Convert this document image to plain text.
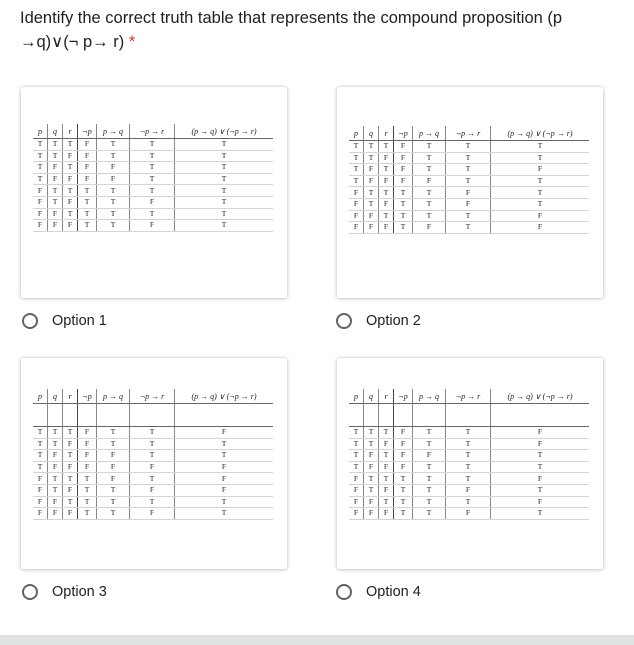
Identify the correct truth table that represents the compound proposition (p →q)∨(¬ p→ r) *
p	q	r	¬p	p → q	¬p → r	(p → q) ∨ (¬p → r)
T	T	T	F	T	T	T
T	T	F	F	T	T	T
T	F	T	F	F	T	T
T	F	F	F	F	T	T
F	T	T	T	T	T	T
F	T	F	T	T	F	T
F	F	T	T	T	T	T
F	F	F	T	T	F	T
p	q	r	¬p	p → q	¬p → r	(p → q) ∨ (¬p → r)
T	T	T	F	T	T	T
T	T	F	F	T	T	T
T	F	T	F	T	T	F
T	F	F	F	F	T	T
F	T	T	T	T	F	T
F	T	F	T	T	F	T
F	F	T	T	T	T	F
F	F	F	T	F	T	F
p	q	r	¬p	p → q	¬p → r	(p → q) ∨ (¬p → r)

T	T	T	F	T	T	F
T	T	F	F	T	T	T
T	F	T	F	F	T	T
T	F	F	F	F	F	F
F	T	T	T	F	T	F
F	T	F	T	T	F	F
F	F	T	T	T	T	T
F	F	F	T	T	F	T
p	q	r	¬p	p → q	¬p → r	(p → q) ∨ (¬p → r)

T	T	T	F	T	T	F
T	T	F	F	T	T	F
T	F	T	F	F	T	T
T	F	F	F	T	T	T
F	T	T	T	T	T	F
F	T	F	T	T	F	T
F	F	T	T	T	T	F
F	F	F	T	T	F	T
Option 1	Option 2
Option 3	Option 4
